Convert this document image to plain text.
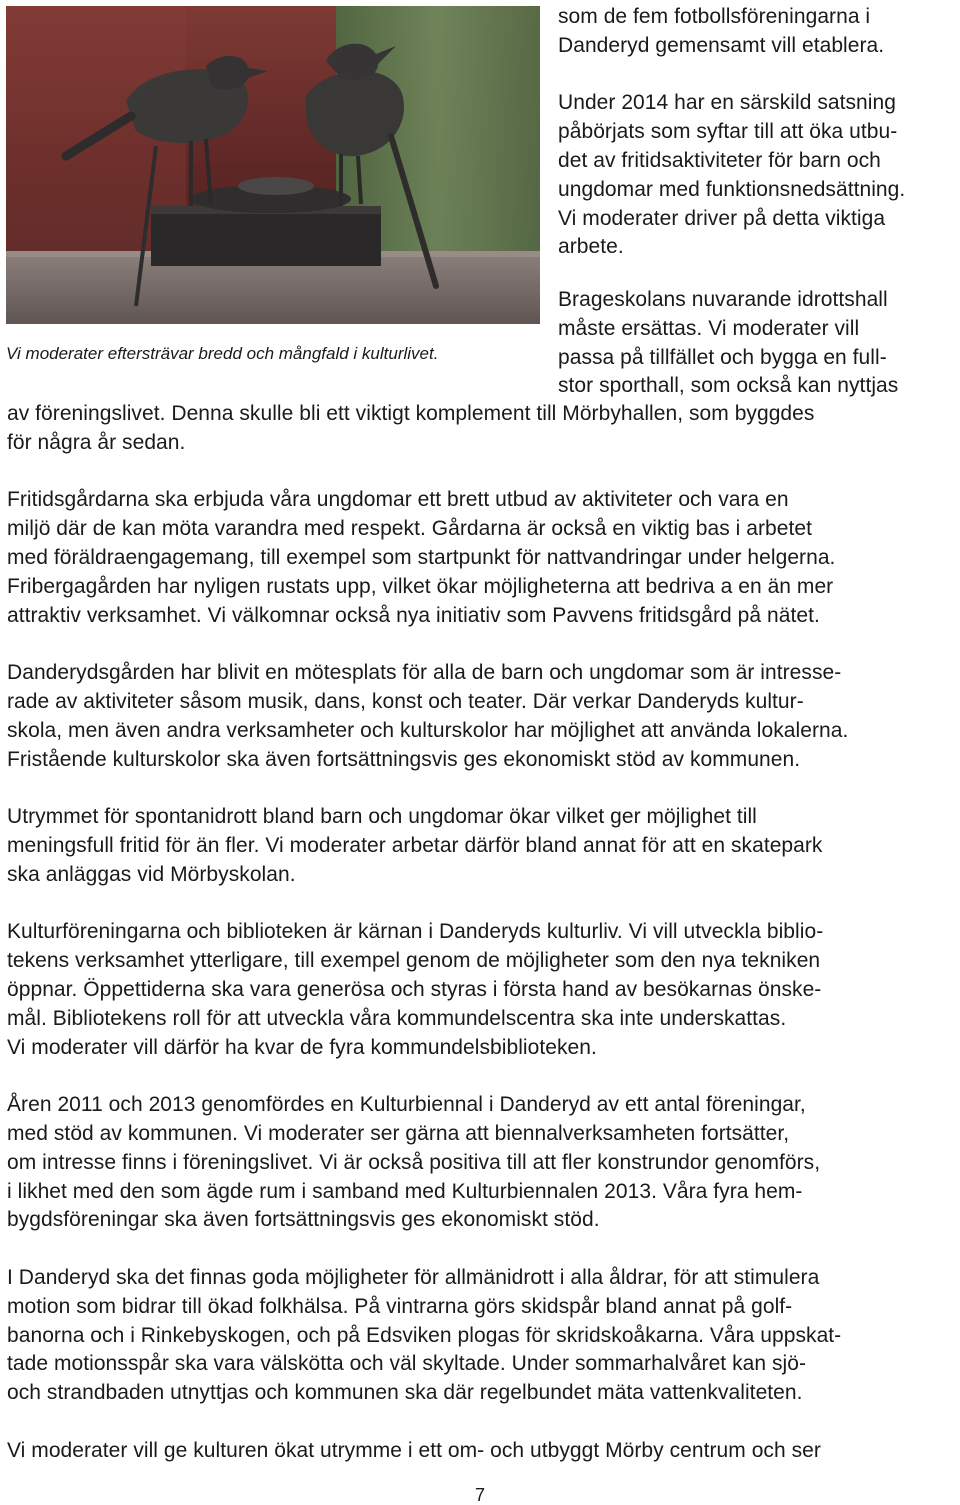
Vi moderater eftersträvar bredd och mångfald i kulturlivet.
som de fem fotbollsföreningarna i
Danderyd gemensamt vill etablera.
Under 2014 har en särskild satsning
påbörjats som syftar till att öka utbu-
det av fritidsaktiviteter för barn och
ungdomar med funktionsnedsättning.
Vi moderater driver på detta viktiga
arbete.
Brageskolans nuvarande idrottshall
måste ersättas. Vi moderater vill
passa på tillfället och bygga en full-
stor sporthall, som också kan nyttjas
av föreningslivet. Denna skulle bli ett viktigt komplement till Mörbyhallen, som byggdes
för några år sedan.
Fritidsgårdarna ska erbjuda våra ungdomar ett brett utbud av aktiviteter och vara en
miljö där de kan möta varandra med respekt. Gårdarna är också en viktig bas i arbetet
med föräldraengagemang, till exempel som startpunkt för nattvandringar under helgerna.
Fribergagården har nyligen rustats upp, vilket ökar möjligheterna att bedriva a en än mer
attraktiv verksamhet. Vi välkomnar också nya initiativ som Pavvens fritidsgård på nätet.
Danderydsgården har blivit en mötesplats för alla de barn och ungdomar som är intresse-
rade av aktiviteter såsom musik, dans, konst och teater. Där verkar Danderyds kultur-
skola, men även andra verksamheter och kulturskolor har möjlighet att använda lokalerna.
Fristående kulturskolor ska även fortsättningsvis ges ekonomiskt stöd av kommunen.
Utrymmet för spontanidrott bland barn och ungdomar ökar vilket ger möjlighet till
meningsfull fritid för än fler. Vi moderater arbetar därför bland annat för att en skatepark
ska anläggas vid Mörbyskolan.
Kulturföreningarna och biblioteken är kärnan i Danderyds kulturliv. Vi vill utveckla biblio-
tekens verksamhet ytterligare, till exempel genom de möjligheter som den nya tekniken
öppnar. Öppettiderna ska vara generösa och styras i första hand av besökarnas önske-
mål. Bibliotekens roll för att utveckla våra kommundelscentra ska inte underskattas.
Vi moderater vill därför ha kvar de fyra kommundelsbiblioteken.
Åren 2011 och 2013 genomfördes en Kulturbiennal i Danderyd av ett antal föreningar,
med stöd av kommunen. Vi moderater ser gärna att biennalverksamheten fortsätter,
om intresse finns i föreningslivet. Vi är också positiva till att fler konstrundor genomförs,
i likhet med den som ägde rum i samband med Kulturbiennalen 2013. Våra fyra hem-
bygdsföreningar ska även fortsättningsvis ges ekonomiskt stöd.
I Danderyd ska det finnas goda möjligheter för allmänidrott i alla åldrar, för att stimulera
motion som bidrar till ökad folkhälsa. På vintrarna görs skidspår bland annat på golf-
banorna och i Rinkebyskogen, och på Edsviken plogas för skridskoåkarna. Våra uppskat-
tade motionsspår ska vara välskötta och väl skyltade. Under sommarhalvåret kan sjö-
och strandbaden utnyttjas och kommunen ska där regelbundet mäta vattenkvaliteten.
Vi moderater vill ge kulturen ökat utrymme i ett om- och utbyggt Mörby centrum och ser
7
